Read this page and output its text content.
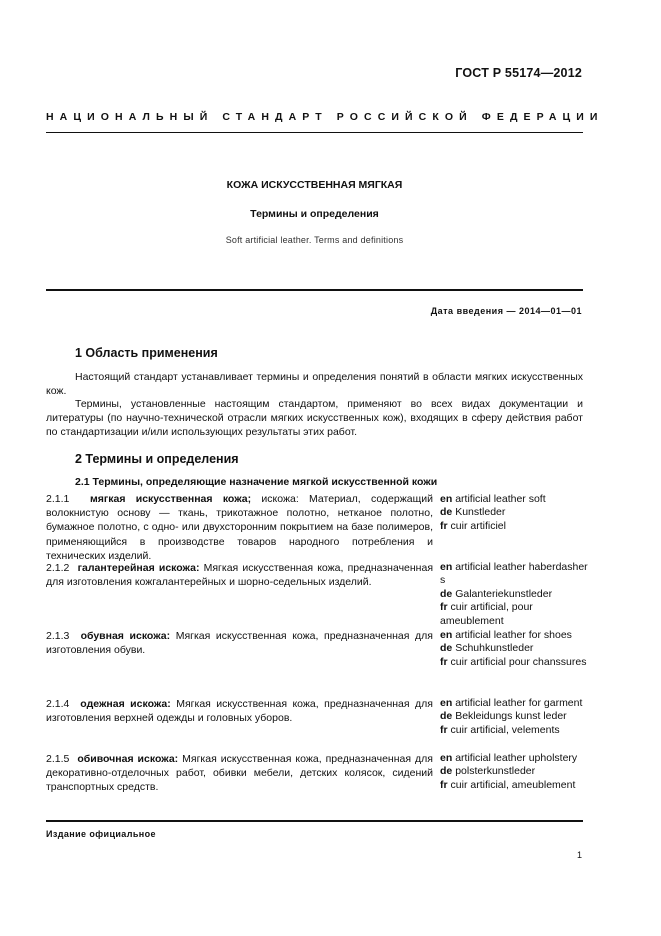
ГОСТ Р 55174—2012
НАЦИОНАЛЬНЫЙ СТАНДАРТ РОССИЙСКОЙ ФЕДЕРАЦИИ
КОЖА ИСКУССТВЕННАЯ МЯГКАЯ
Термины и определения
Soft artificial leather. Terms and definitions
Дата введения — 2014—01—01
1 Область применения
Настоящий стандарт устанавливает термины и определения понятий в области мягких искусственных кож.
Термины, установленные настоящим стандартом, применяют во всех видах документации и литературы (по научно-технической отрасли мягких искусственных кож), входящих в сферу действия работ по стандартизации и/или использующих результаты этих работ.
2 Термины и определения
2.1 Термины, определяющие назначение мягкой искусственной кожи
2.1.1 мягкая искусственная кожа; искожа: Материал, содержащий волокнистую основу — ткань, трикотажное полотно, нетканое полотно, бумажное полотно, с одно- или двухсторонним покрытием на базе полимеров, применяющийся в производстве товаров народного потребления и технических изделий.
en artificial leather soft
de Kunstleder
fr cuir artificiel
2.1.2 галантерейная искожа: Мягкая искусственная кожа, предназначенная для изготовления кожгалантерейных и шорно-седельных изделий.
en artificial leather haberdasher s
de Galanteriekunstleder
fr cuir artificial, pour ameublement
2.1.3 обувная искожа: Мягкая искусственная кожа, предназначенная для изготовления обуви.
en artificial leather for shoes
de Schuhkunstleder
fr cuir artificial pour chanssures
2.1.4 одежная искожа: Мягкая искусственная кожа, предназначенная для изготовления верхней одежды и головных уборов.
en artificial leather for garment
de Bekleidungs kunst leder
fr cuir artificial, velements
2.1.5 обивочная искожа: Мягкая искусственная кожа, предназначенная для декоративно-отделочных работ, обивки мебели, детских колясок, сидений транспортных средств.
en artificial leather upholstery
de polsterkunstleder
fr cuir artificial, ameublement
Издание официальное
1
